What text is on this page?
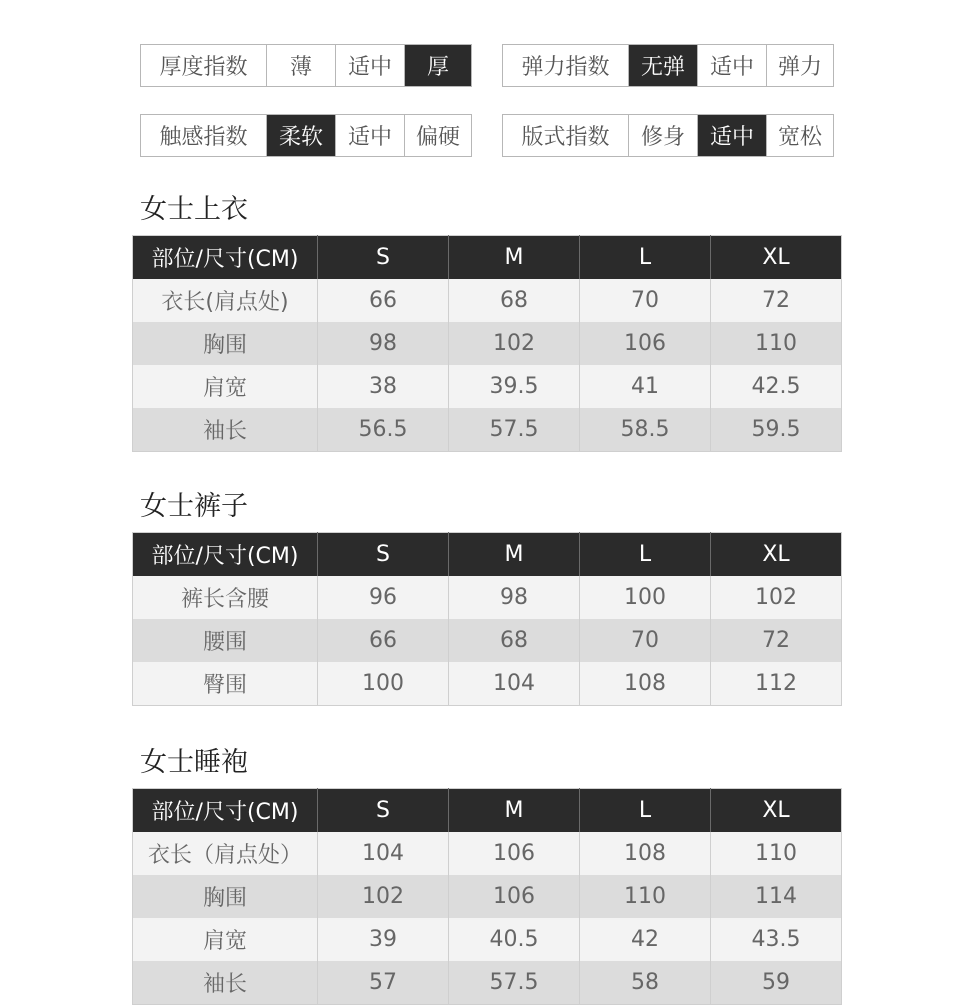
厚度指数	薄	适中	厚	弹力指数	无弹	适中	弹力
触感指数	柔软	适中	偏硬	版式指数	修身	适中	宽松
女士上衣
部位/尺寸(CM)	S	M	L	XL
衣长(肩点处)	66	68	70	72
胸围	98	102	106	110
肩宽	38	39.5	41	42.5
袖长	56.5	57.5	58.5	59.5
女士裤子
部位/尺寸(CM)	S	M	L	XL
裤长含腰	96	98	100	102
腰围	66	68	70	72
臀围	100	104	108	112
女士睡袍
部位/尺寸(CM)	S	M	L	XL
衣长（肩点处）	104	106	108	110
胸围	102	106	110	114
肩宽	39	40.5	42	43.5
袖长	57	57.5	58	59
